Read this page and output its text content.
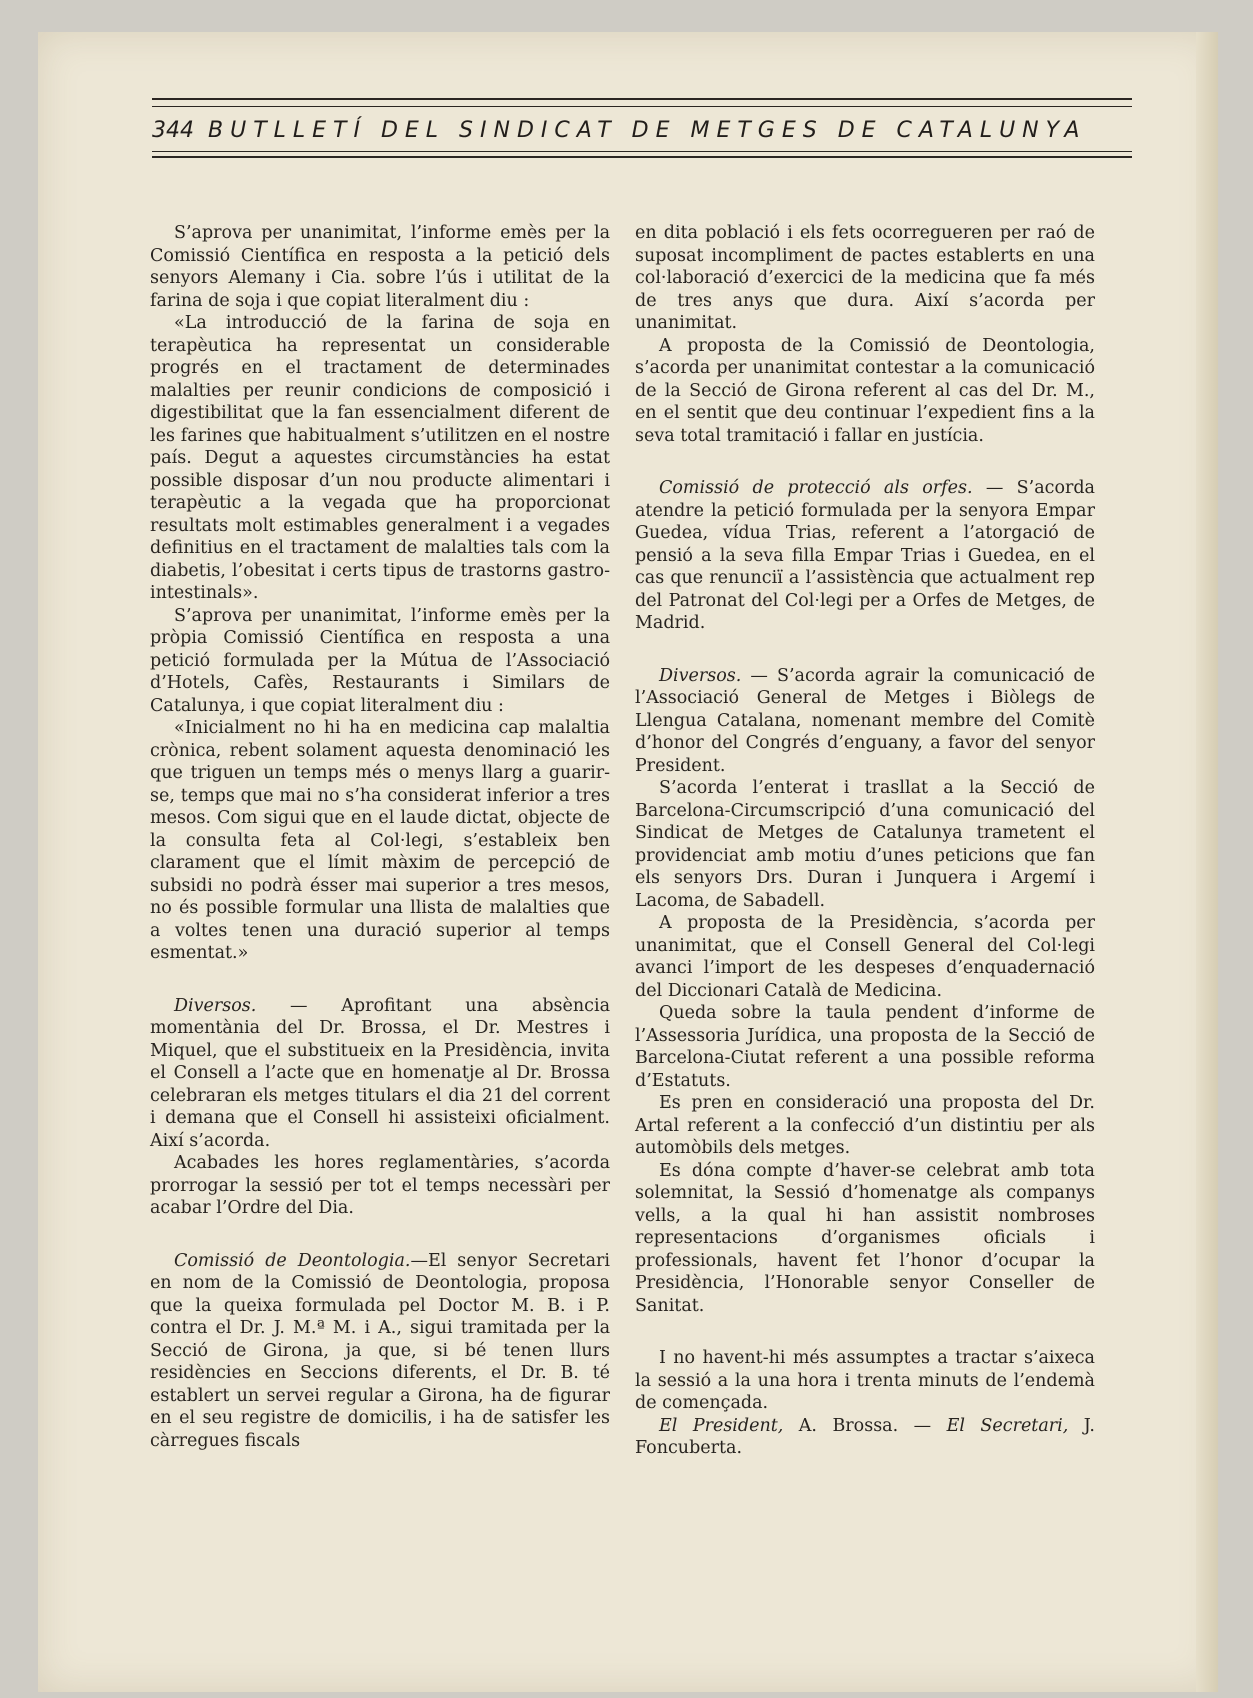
344 BUTLLETÍ DEL SINDICAT DE METGES DE CATALUNYA

S’aprova per unanimitat, l’informe emès per la Comissió Científica en resposta a la petició dels senyors Alemany i Cia. sobre l’ús i utilitat de la farina de soja i que copiat literalment diu :

«La introducció de la farina de soja en terapèutica ha representat un considerable progrés en el tractament de determinades malalties per reunir condicions de composició i digestibilitat que la fan essencialment diferent de les farines que habitualment s’utilitzen en el nostre país. Degut a aquestes circumstàncies ha estat possible disposar d’un nou producte alimentari i terapèutic a la vegada que ha proporcionat resultats molt estimables generalment i a vegades definitius en el tractament de malalties tals com la diabetis, l’obesitat i certs tipus de trastorns gastro-intestinals».

S’aprova per unanimitat, l’informe emès per la pròpia Comissió Científica en resposta a una petició formulada per la Mútua de l’Associació d’Hotels, Cafès, Restaurants i Similars de Catalunya, i que copiat literalment diu :

«Inicialment no hi ha en medicina cap malaltia crònica, rebent solament aquesta denominació les que triguen un temps més o menys llarg a guarir-se, temps que mai no s’ha considerat inferior a tres mesos. Com sigui que en el laude dictat, objecte de la consulta feta al Col·legi, s’estableix ben clarament que el límit màxim de percepció de subsidi no podrà ésser mai superior a tres mesos, no és possible formular una llista de malalties que a voltes tenen una duració superior al temps esmentat.»

Diversos. — Aprofitant una absència momentània del Dr. Brossa, el Dr. Mestres i Miquel, que el substitueix en la Presidència, invita el Consell a l’acte que en homenatje al Dr. Brossa celebraran els metges titulars el dia 21 del corrent i demana que el Consell hi assisteixi oficialment. Així s’acorda.

Acabades les hores reglamentàries, s’acorda prorrogar la sessió per tot el temps necessàri per acabar l’Ordre del Dia.

Comissió de Deontologia.—El senyor Secretari en nom de la Comissió de Deontologia, proposa que la queixa formulada pel Doctor M. B. i P. contra el Dr. J. M.ª M. i A., sigui tramitada per la Secció de Girona, ja que, si bé tenen llurs residències en Seccions diferents, el Dr. B. té establert un servei regular a Girona, ha de figurar en el seu registre de domicilis, i ha de satisfer les càrregues fiscals

en dita població i els fets ocorregueren per raó de suposat incompliment de pactes establerts en una col·laboració d’exercici de la medicina que fa més de tres anys que dura. Així s’acorda per unanimitat.

A proposta de la Comissió de Deontologia, s’acorda per unanimitat contestar a la comunicació de la Secció de Girona referent al cas del Dr. M., en el sentit que deu continuar l’expedient fins a la seva total tramitació i fallar en justícia.

Comissió de protecció als orfes. — S’acorda atendre la petició formulada per la senyora Empar Guedea, vídua Trias, referent a l’atorgació de pensió a la seva filla Empar Trias i Guedea, en el cas que renunciï a l’assistència que actualment rep del Patronat del Col·legi per a Orfes de Metges, de Madrid.

Diversos. — S’acorda agrair la comunicació de l’Associació General de Metges i Biòlegs de Llengua Catalana, nomenant membre del Comitè d’honor del Congrés d’enguany, a favor del senyor President.

S’acorda l’enterat i trasllat a la Secció de Barcelona-Circumscripció d’una comunicació del Sindicat de Metges de Catalunya trametent el providenciat amb motiu d’unes peticions que fan els senyors Drs. Duran i Junquera i Argemí i Lacoma, de Sabadell.

A proposta de la Presidència, s’acorda per unanimitat, que el Consell General del Col·legi avanci l’import de les despeses d’enquadernació del Diccionari Català de Medicina.

Queda sobre la taula pendent d’informe de l’Assessoria Jurídica, una proposta de la Secció de Barcelona-Ciutat referent a una possible reforma d’Estatuts.

Es pren en consideració una proposta del Dr. Artal referent a la confecció d’un distintiu per als automòbils dels metges.

Es dóna compte d’haver-se celebrat amb tota solemnitat, la Sessió d’homenatge als companys vells, a la qual hi han assistit nombroses representacions d’organismes oficials i professionals, havent fet l’honor d’ocupar la Presidència, l’Honorable senyor Conseller de Sanitat.

I no havent-hi més assumptes a tractar s’aixeca la sessió a la una hora i trenta minuts de l’endemà de començada.

El President, A. Brossa. — El Secretari, J. Foncuberta.
